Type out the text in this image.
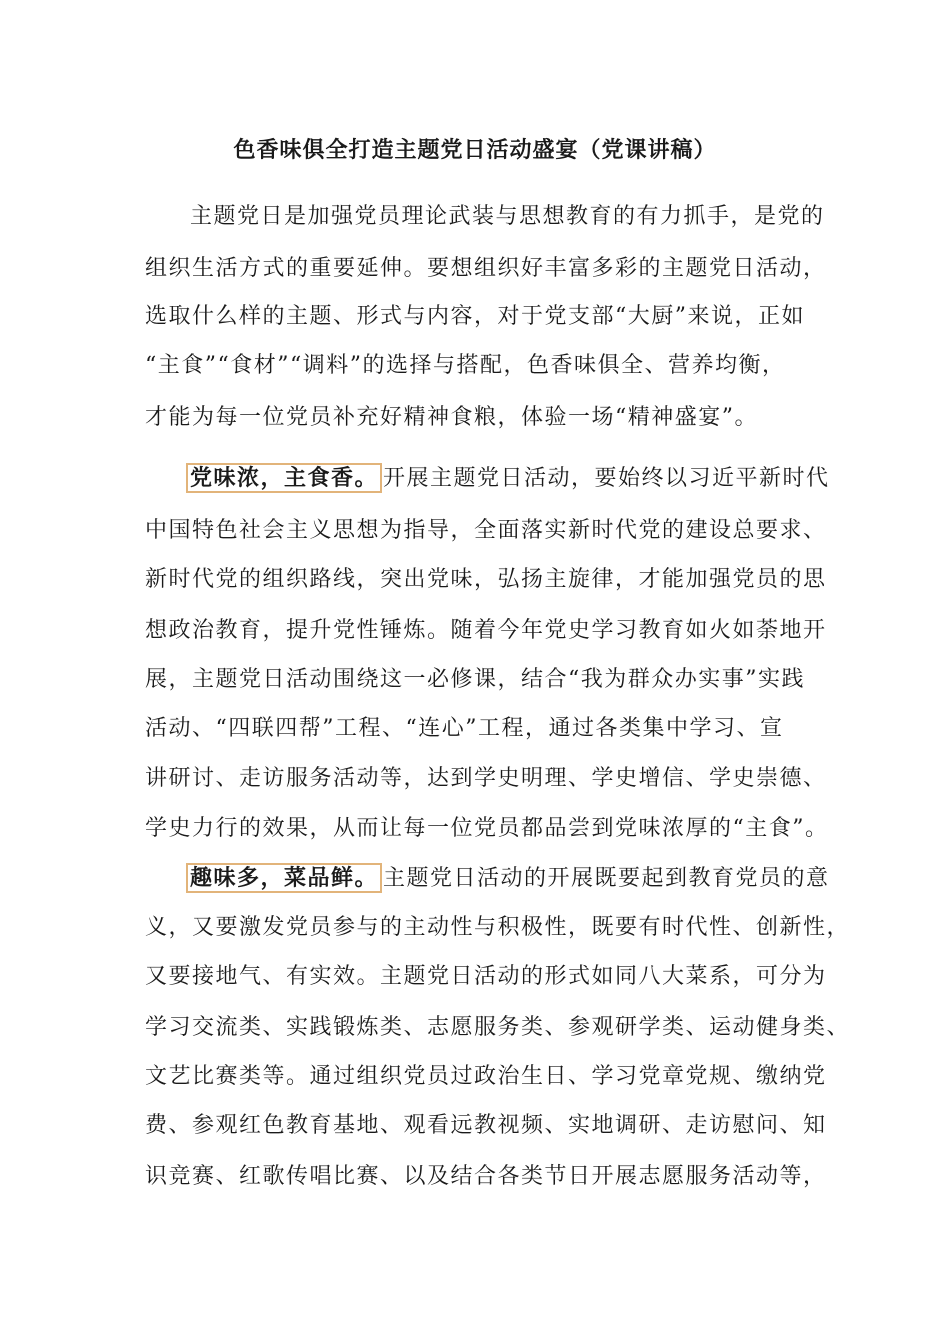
色香味俱全打造主题党日活动盛宴（党课讲稿）
主题党日是加强党员理论武装与思想教育的有力抓手，是党的
组织生活方式的重要延伸。要想组织好丰富多彩的主题党日活动，
选取什么样的主题、形式与内容，对于党支部“大厨”来说，正如
“主食”“食材”“调料”的选择与搭配，色香味俱全、营养均衡，
才能为每一位党员补充好精神食粮，体验一场“精神盛宴”。
党味浓，主食香。 开展主题党日活动，要始终以习近平新时代
中国特色社会主义思想为指导，全面落实新时代党的建设总要求、
新时代党的组织路线，突出党味，弘扬主旋律，才能加强党员的思
想政治教育，提升党性锤炼。随着今年党史学习教育如火如荼地开
展，主题党日活动围绕这一必修课，结合“我为群众办实事”实践
活动、“四联四帮”工程、“连心”工程，通过各类集中学习、宣
讲研讨、走访服务活动等，达到学史明理、学史增信、学史崇德、
学史力行的效果，从而让每一位党员都品尝到党味浓厚的“主食”。
趣味多，菜品鲜。 主题党日活动的开展既要起到教育党员的意
义，又要激发党员参与的主动性与积极性，既要有时代性、创新性，
又要接地气、有实效。主题党日活动的形式如同八大菜系，可分为
学习交流类、实践锻炼类、志愿服务类、参观研学类、运动健身类、
文艺比赛类等。通过组织党员过政治生日、学习党章党规、缴纳党
费、参观红色教育基地、观看远教视频、实地调研、走访慰问、知
识竞赛、红歌传唱比赛、以及结合各类节日开展志愿服务活动等，
